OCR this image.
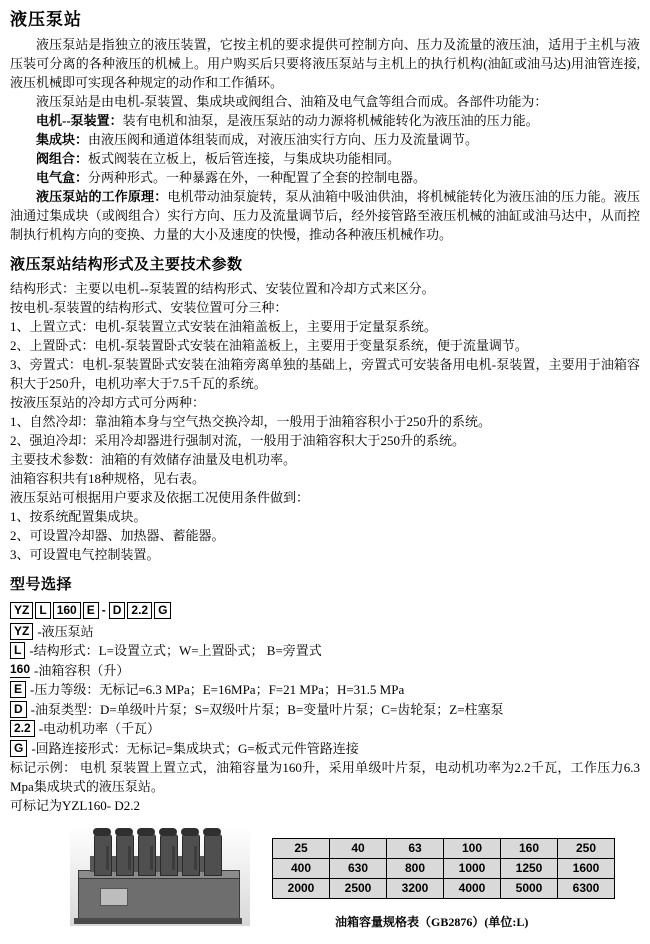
液压泵站

液压泵站是指独立的液压装置，它按主机的要求提供可控制方向、压力及流量的液压油，适用于主机与液压装可分离的各种液压的机械上。用户购买后只要将液压泵站与主机上的执行机构(油缸或油马达)用油管连接,液压机械即可实现各种规定的动作和工作循环。

液压泵站是由电机-泵装置、集成块或阀组合、油箱及电气盒等组合而成。各部件功能为：

电机--泵装置：装有电机和油泵，是液压泵站的动力源将机械能转化为液压油的压力能。

集成块：由液压阀和通道体组装而成，对液压油实行方向、压力及流量调节。

阀组合：板式阀装在立板上，板后管连接，与集成块功能相同。

电气盒：分两种形式。一种暴露在外，一种配置了全套的控制电器。

液压泵站的工作原理：电机带动油泵旋转，泵从油箱中吸油供油，将机械能转化为液压油的压力能。液压油通过集成块（或阀组合）实行方向、压力及流量调节后，经外接管路至液压机械的油缸或油马达中，从而控制执行机构方向的变换、力量的大小及速度的快慢，推动各种液压机械作功。

液压泵站结构形式及主要技术参数

结构形式：主要以电机--泵装置的结构形式、安装位置和冷却方式来区分。

按电机-泵装置的结构形式、安装位置可分三种：

1、上置立式：电机-泵装置立式安装在油箱盖板上，主要用于定量泵系统。

2、上置卧式：电机-泵装置卧式安装在油箱盖板上，主要用于变量泵系统，便于流量调节。

3、旁置式：电机-泵装置卧式安装在油箱旁离单独的基础上，旁置式可安装备用电机-泵装置，主要用于油箱容积大于250升，电机功率大于7.5千瓦的系统。

按液压泵站的冷却方式可分两种：

1、自然冷却：靠油箱本身与空气热交换冷却，一般用于油箱容积小于250升的系统。

2、强迫冷却：采用冷却器进行强制对流，一般用于油箱容积大于250升的系统。

主要技术参数：油箱的有效储存油量及电机功率。

油箱容积共有18种规格，见右表。

液压泵站可根据用户要求及依据工况使用条件做到：

1、按系统配置集成块。

2、可设置冷却器、加热器、蓄能器。

3、可设置电气控制装置。

型号选择
YZ L 160 E - D 2.2 G
YZ -液压泵站
L -结构形式：L=设置立式；W=上置卧式； B=旁置式
160 -油箱容积（升）
E -压力等级：无标记=6.3 MPa；E=16MPa；F=21 MPa；H=31.5 MPa
D -油泵类型：D=单级叶片泵；S=双级叶片泵；B=变量叶片泵；C=齿轮泵；Z=柱塞泵
2.2 -电动机功率（千瓦）
G -回路连接形式：无标记=集成块式；G=板式元件管路连接

标记示例： 电机 泵装置上置立式，油箱容量为160升，采用单级叶片泵，电动机功率为2.2千瓦，工作压力6.3 Mpa集成块式的液压泵站。

可标记为YZL160- D2.2

25	40	63	100	160	250
400	630	800	1000	1250	1600
2000	2500	3200	4000	5000	6300
油箱容量规格表（GB2876）(单位:L)
